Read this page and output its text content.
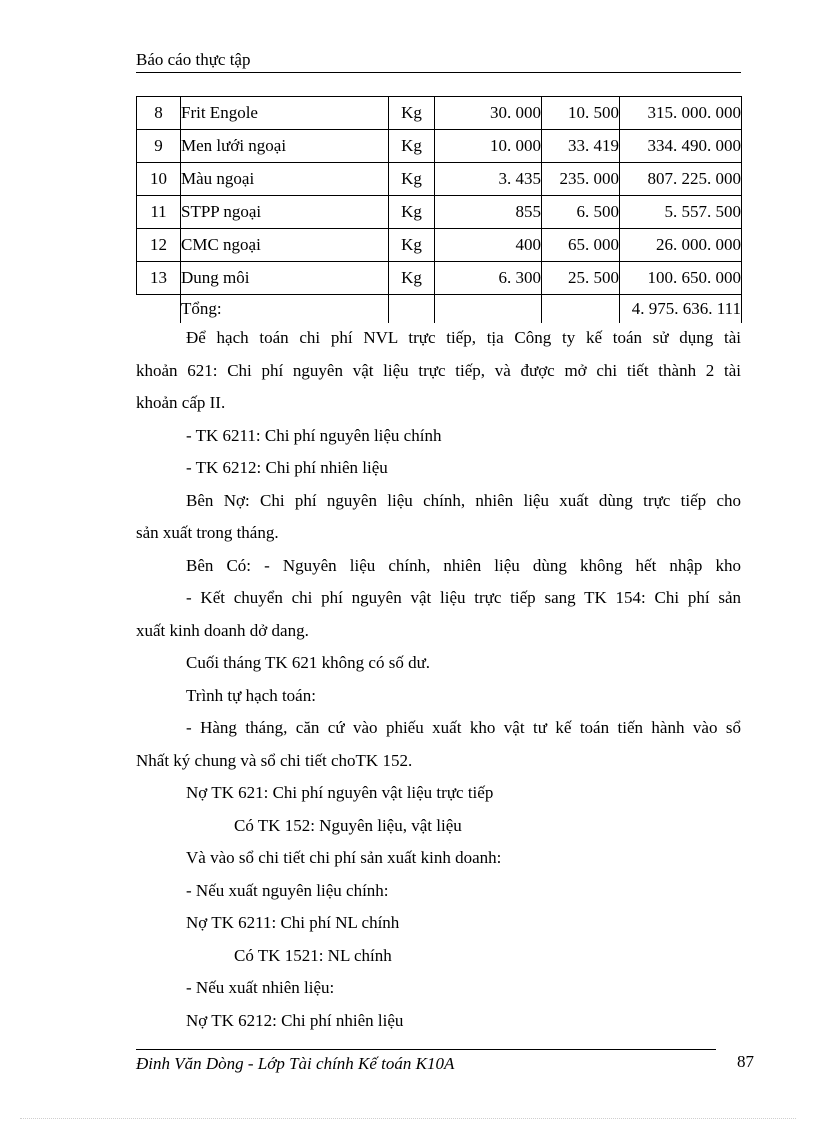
Báo cáo thực tập
8	Frit Engole	Kg	30. 000	10. 500	315. 000. 000
9	Men lưới ngoại	Kg	10. 000	33. 419	334. 490. 000
10	Màu ngoại	Kg	3. 435	235. 000	807. 225. 000
11	STPP ngoại	Kg	855	6. 500	5. 557. 500
12	CMC ngoại	Kg	400	65. 000	26. 000. 000
13	Dung môi	Kg	6. 300	25. 500	100. 650. 000
	Tổng:				4. 975. 636. 111

Để hạch toán chi phí NVL trực tiếp, tịa Công ty kế toán sử dụng tài

khoản 621: Chi phí nguyên vật liệu trực tiếp, và được mở chi tiết thành 2 tài

khoản cấp II.

- TK 6211: Chi phí nguyên liệu chính

- TK 6212: Chi phí nhiên liệu

Bên Nợ: Chi phí nguyên liệu chính, nhiên liệu xuất dùng trực tiếp cho

sản xuất trong tháng.

Bên Có: - Nguyên liệu chính, nhiên liệu dùng không hết nhập kho

- Kết chuyển chi phí nguyên vật liệu trực tiếp sang TK 154: Chi phí sản

xuất kinh doanh dở dang.

Cuối tháng TK 621 không có số dư.

Trình tự hạch toán:

- Hàng tháng, căn cứ vào phiếu xuất kho vật tư kế toán tiến hành vào sổ

Nhất ký chung và sổ chi tiết choTK 152.

Nợ TK 621: Chi phí nguyên vật liệu trực tiếp

Có TK 152: Nguyên liệu, vật liệu

Và vào sổ chi tiết chi phí sản xuất kinh doanh:

- Nếu xuất nguyên liệu chính:

Nợ TK 6211: Chi phí NL chính

Có TK 1521: NL chính

- Nếu xuất nhiên liệu:

Nợ TK 6212: Chi phí nhiên liệu

Đinh Văn Dòng - Lớp Tài chính Kế toán K10A	87
